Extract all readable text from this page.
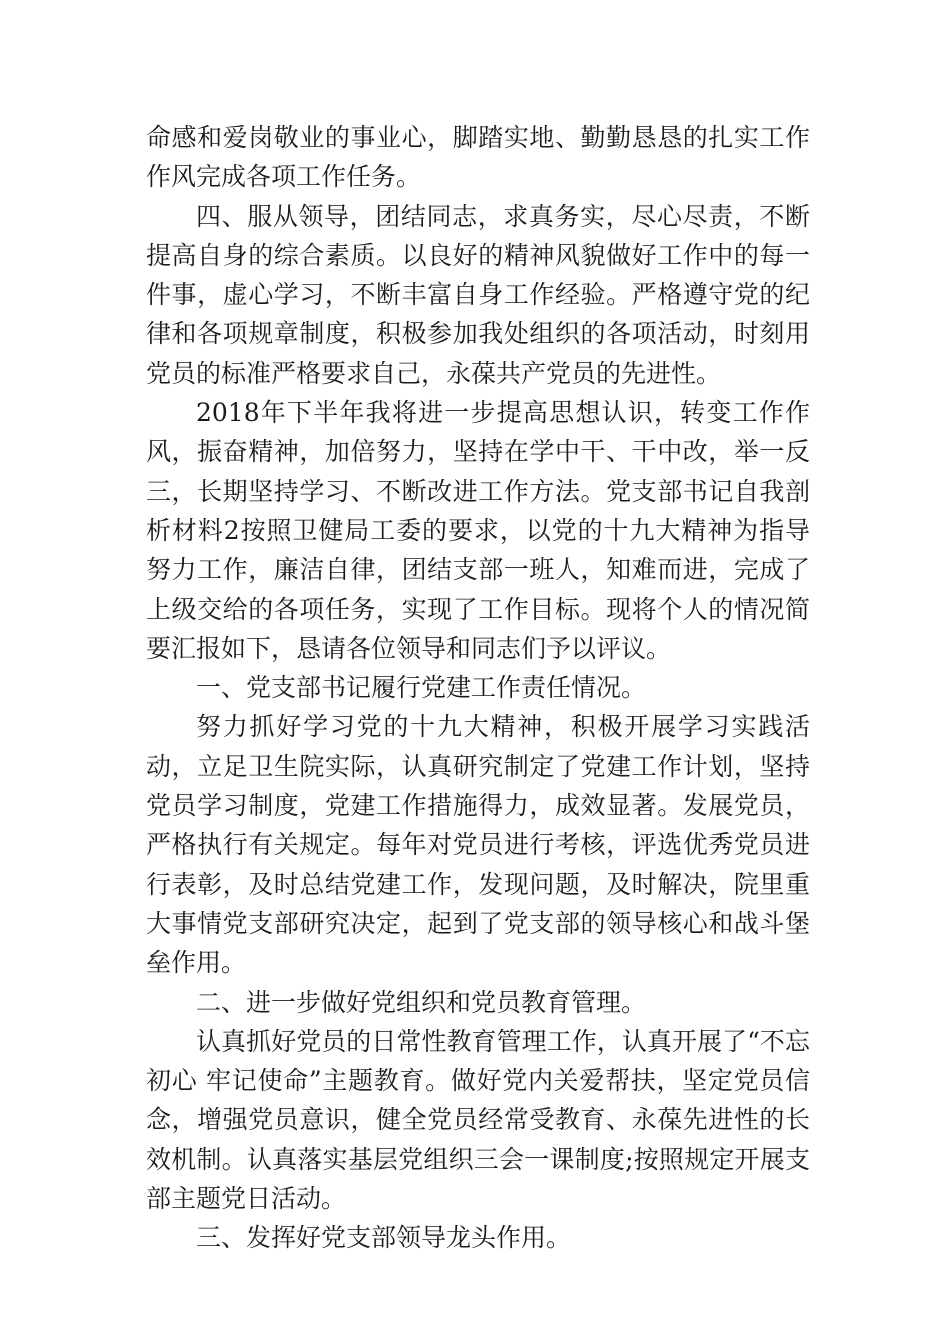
命感和爱岗敬业的事业心，脚踏实地、勤勤恳恳的扎实工作作风完成各项工作任务。

四、服从领导，团结同志，求真务实，尽心尽责，不断提高自身的综合素质。以良好的精神风貌做好工作中的每一件事，虚心学习，不断丰富自身工作经验。严格遵守党的纪律和各项规章制度，积极参加我处组织的各项活动，时刻用党员的标准严格要求自己，永葆共产党员的先进性。

2018年下半年我将进一步提高思想认识，转变工作作风，振奋精神，加倍努力，坚持在学中干、干中改，举一反三，长期坚持学习、不断改进工作方法。党支部书记自我剖析材料2按照卫健局工委的要求，以党的十九大精神为指导努力工作，廉洁自律，团结支部一班人，知难而进，完成了上级交给的各项任务，实现了工作目标。现将个人的情况简要汇报如下，恳请各位领导和同志们予以评议。

一、党支部书记履行党建工作责任情况。

努力抓好学习党的十九大精神，积极开展学习实践活动，立足卫生院实际，认真研究制定了党建工作计划，坚持党员学习制度，党建工作措施得力，成效显著。发展党员，严格执行有关规定。每年对党员进行考核，评选优秀党员进行表彰，及时总结党建工作，发现问题，及时解决，院里重大事情党支部研究决定，起到了党支部的领导核心和战斗堡垒作用。

二、进一步做好党组织和党员教育管理。

认真抓好党员的日常性教育管理工作，认真开展了“不忘初心 牢记使命”主题教育。做好党内关爱帮扶，坚定党员信念，增强党员意识，健全党员经常受教育、永葆先进性的长效机制。认真落实基层党组织三会一课制度;按照规定开展支部主题党日活动。

三、发挥好党支部领导龙头作用。
